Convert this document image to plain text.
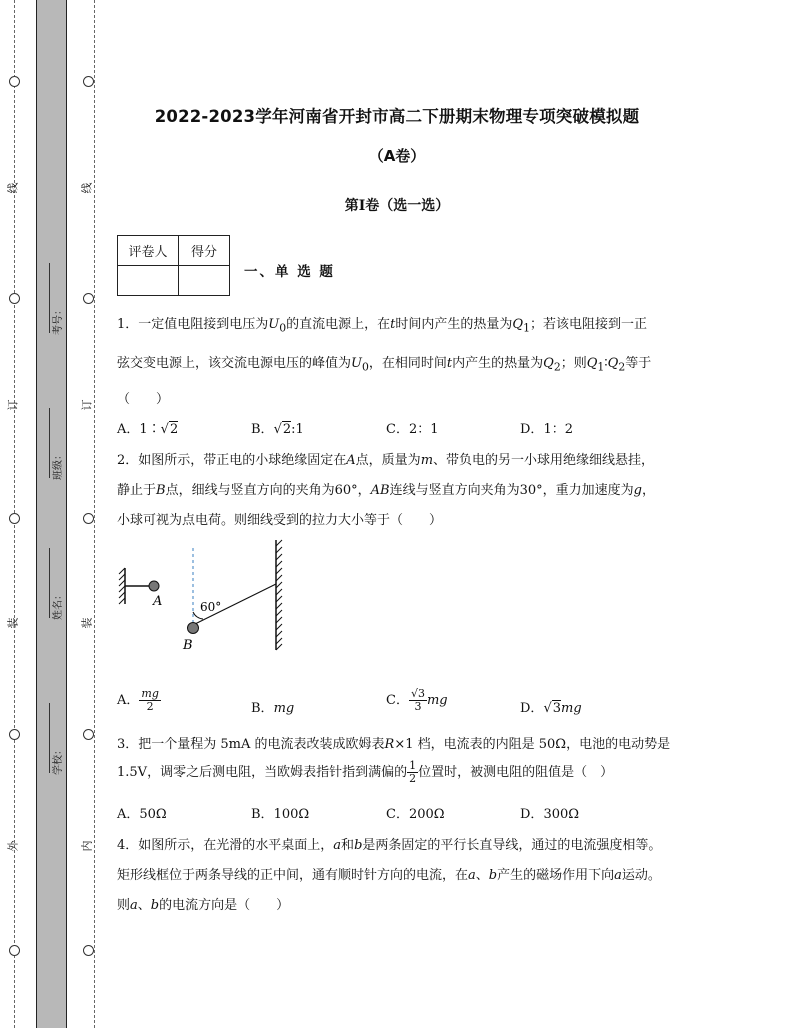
线
订
装
外
线
订
装
内
考号：
班级：
姓名：
学校：
2022-2023学年河南省开封市高二下册期末物理专项突破模拟题
（A卷）
第I卷（选一选）
评卷人	得分

一、单 选 题
1．一定值电阻接到电压为$U_0$的直流电源上，在t时间内产生的热量为$Q_1$；若该电阻接到一正
弦交变电源上，该交流电源电压的峰值为$U_0$，在相同时间t内产生的热量为$Q_2$；则$Q_1∶Q_2$等于
（　　）
A．1∶√2	B．√2:1	C．2：1	D．1：2
2．如图所示，带正电的小球绝缘固定在A点，质量为m、带负电的另一小球用绝缘细线悬挂，
静止于B点，细线与竖直方向的夹角为60°，AB连线与竖直方向夹角为30°，重力加速度为g，
小球可视为点电荷。则细线受到的拉力大小等于（　　）
A	60°
B
A． $\frac{mg}{2}$	B．mg
C． $\frac{√3}{3}$ mg
D．√3mg
3．把一个量程为 5mA 的电流表改装成欧姆表R×1 档，电流表的内阻是 50Ω，电池的电动势是
1.5V，调零之后测电阻，当欧姆表指针指到满偏的 $\frac{1}{2}$ 位置时，被测电阻的阻值是（　）
A．50Ω	B．100Ω	C．200Ω	D．300Ω
4．如图所示，在光滑的水平桌面上，a和b是两条固定的平行长直导线，通过的电流强度相等。
矩形线框位于两条导线的正中间，通有顺时针方向的电流，在a、b产生的磁场作用下向a运动。
则a、b的电流方向是（　　）
